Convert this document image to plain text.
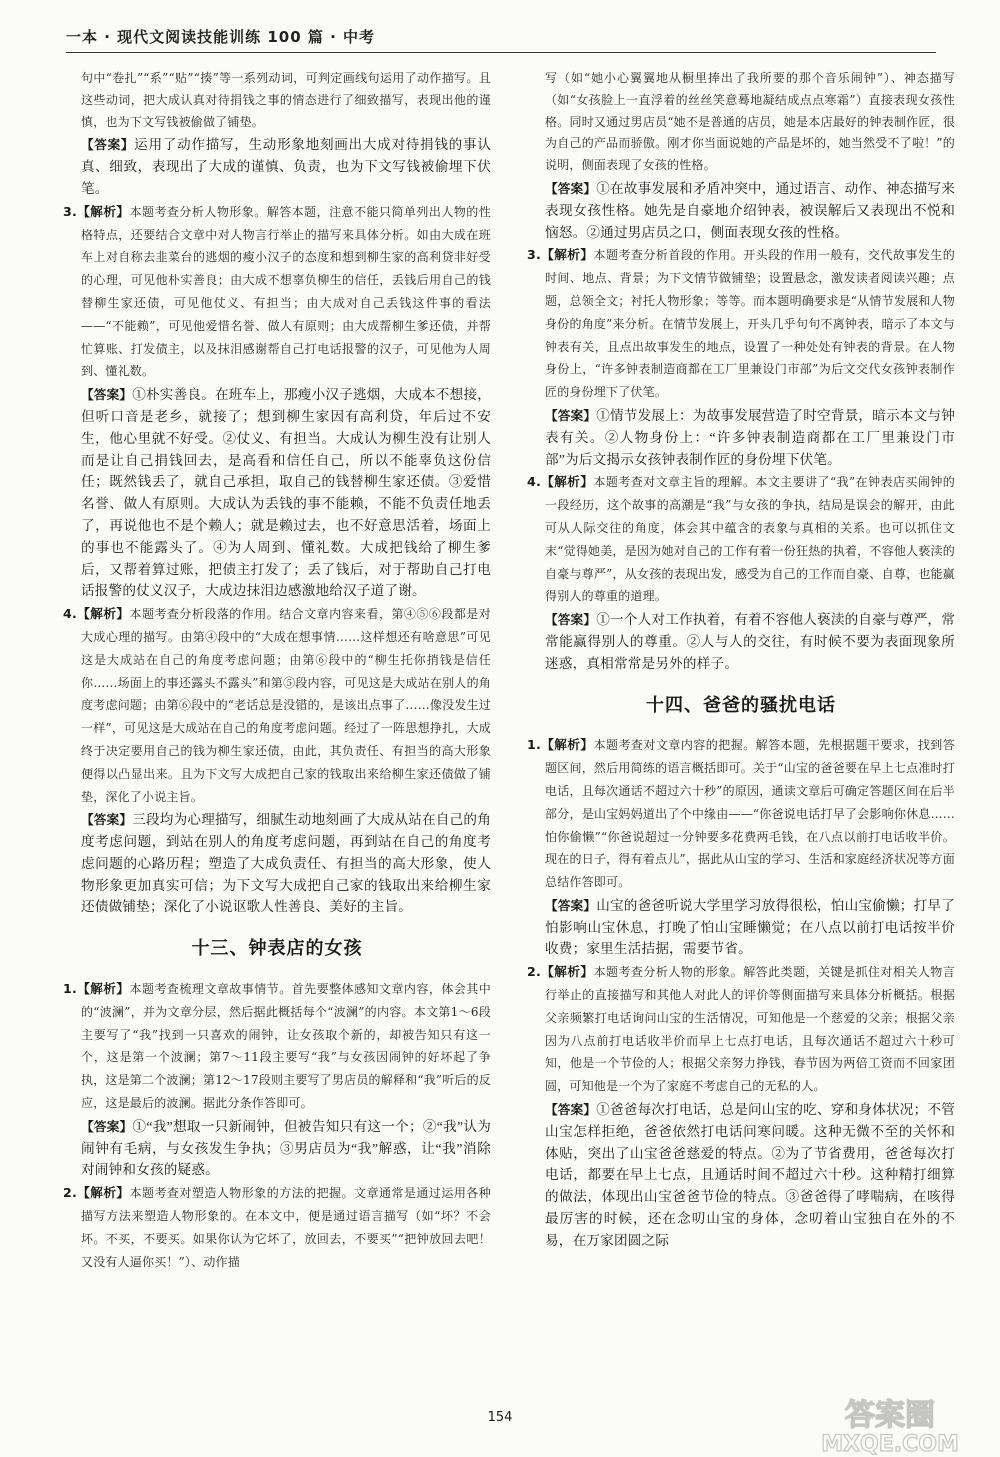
一本 · 现代文阅读技能训练 100 篇 · 中考
句中“卷扎”“系”“贴”“揍”等一系列动词，可判定画线句运用了动作描写。且这些动词，把大成认真对待捐钱之事的情态进行了细致描写，表现出他的谨慎，也为下文写钱被偷做了铺垫。
【答案】运用了动作描写，生动形象地刻画出大成对待捐钱的事认真、细致，表现出了大成的谨慎、负责，也为下文写钱被偷埋下伏笔。
3.【解析】本题考查分析人物形象。解答本题，注意不能只简单列出人物的性格特点，还要结合文章中对人物言行举止的描写来具体分析。如由大成在班车上对自称去韭菜台的逃烟的瘦小汉子的态度和想到柳生家的高利贷非好受的心理，可见他朴实善良；由大成不想辜负柳生的信任，丢钱后用自己的钱替柳生家还债，可见他仗义、有担当；由大成对自己丢钱这件事的看法——“不能赖”，可见他爱惜名誉、做人有原则；由大成帮柳生爹还债，并帮忙算账、打发债主，以及抹泪感谢帮自己打电话报警的汉子，可见他为人周到、懂礼数。
【答案】①朴实善良。在班车上，那瘦小汉子逃烟，大成本不想接，但听口音是老乡，就接了；想到柳生家因有高利贷，年后过不安生，他心里就不好受。②仗义、有担当。大成认为柳生没有让别人而是让自己捐钱回去，是高看和信任自己，所以不能辜负这份信任；既然钱丢了，就自己承担，取自己的钱替柳生家还债。③爱惜名誉、做人有原则。大成认为丢钱的事不能赖，不能不负责任地丢了，再说他也不是个赖人；就是赖过去，也不好意思活着，场面上的事也不能露头了。④为人周到、懂礼数。大成把钱给了柳生爹后，又帮着算过账，把债主打发了；丢了钱后，对于帮助自己打电话报警的仗义汉子，大成边抹泪边感激地给汉子道了谢。
4.【解析】本题考查分析段落的作用。结合文章内容来看，第④⑤⑥段都是对大成心理的描写。由第④段中的“大成在想事情……这样想还有啥意思”可见这是大成站在自己的角度考虑问题；由第⑥段中的“柳生托你捎钱是信任你……场面上的事还露头不露头”和第⑤段内容，可见这是大成站在别人的角度考虑问题；由第⑥段中的“老话总是没错的，是该出点事了……像没发生过一样”，可见这是大成站在自己的角度考虑问题。经过了一阵思想挣扎，大成终于决定要用自己的钱为柳生家还债，由此，其负责任、有担当的高大形象便得以凸显出来。且为下文写大成把自己家的钱取出来给柳生家还债做了铺垫，深化了小说主旨。
【答案】三段均为心理描写，细腻生动地刻画了大成从站在自己的角度考虑问题，到站在别人的角度考虑问题，再到站在自己的角度考虑问题的心路历程；塑造了大成负责任、有担当的高大形象，使人物形象更加真实可信；为下文写大成把自己家的钱取出来给柳生家还债做铺垫；深化了小说讴歌人性善良、美好的主旨。
十三、钟表店的女孩
1.【解析】本题考查梳理文章故事情节。首先要整体感知文章内容，体会其中的“波澜”，并为文章分层，然后据此概括每个“波澜”的内容。本文第1～6段主要写了“我”找到一只喜欢的闹钟，让女孩取个新的，却被告知只有这一个，这是第一个波澜；第7～11段主要写“我”与女孩因闹钟的好坏起了争执，这是第二个波澜；第12～17段则主要写了男店员的解释和“我”听后的反应，这是最后的波澜。据此分条作答即可。
【答案】①“我”想取一只新闹钟，但被告知只有这一个；②“我”认为闹钟有毛病，与女孩发生争执；③男店员为“我”解惑，让“我”消除对闹钟和女孩的疑惑。
2.【解析】本题考查对塑造人物形象的方法的把握。文章通常是通过运用各种描写方法来塑造人物形象的。在本文中，便是通过语言描写（如“坏？不会坏。不买，不要买。如果你认为它坏了，放回去，不要买”“把钟放回去吧！又没有人逼你买！”）、动作描
写（如“她小心翼翼地从橱里捧出了我所要的那个音乐闹钟”）、神态描写（如“女孩脸上一直浮着的丝丝笑意蓦地凝结成点点寒霜”）直接表现女孩性格。同时又通过男店员“她不是普通的店员，她是本店最好的钟表制作匠，很为自己的产品而骄傲。刚才你当面说她的产品是坏的，她当然受不了啦！”的说明，侧面表现了女孩的性格。
【答案】①在故事发展和矛盾冲突中，通过语言、动作、神态描写来表现女孩性格。她先是自豪地介绍钟表，被误解后又表现出不悦和恼怒。②通过男店员之口，侧面表现女孩的性格。
3.【解析】本题考查分析首段的作用。开头段的作用一般有，交代故事发生的时间、地点、背景；为下文情节做铺垫；设置悬念，激发读者阅读兴趣；点题，总领全文；衬托人物形象；等等。而本题明确要求是“从情节发展和人物身份的角度”来分析。在情节发展上，开头几乎句句不离钟表，暗示了本文与钟表有关，且点出故事发生的地点，设置了一种处处有钟表的背景。在人物身份上，“许多钟表制造商都在工厂里兼设门市部”为后文交代女孩钟表制作匠的身份埋下了伏笔。
【答案】①情节发展上：为故事发展营造了时空背景，暗示本文与钟表有关。②人物身份上：“许多钟表制造商都在工厂里兼设门市部”为后文揭示女孩钟表制作匠的身份埋下伏笔。
4.【解析】本题考查对文章主旨的理解。本文主要讲了“我”在钟表店买闹钟的一段经历，这个故事的高潮是“我”与女孩的争执，结局是误会的解开，由此可从人际交往的角度，体会其中蕴含的表象与真相的关系。也可以抓住文末“觉得她美，是因为她对自己的工作有着一份狂热的执着，不容他人亵渎的自豪与尊严”，从女孩的表现出发，感受为自己的工作而自豪、自尊，也能赢得别人的尊重的道理。
【答案】①一个人对工作执着，有着不容他人亵渎的自豪与尊严，常常能赢得别人的尊重。②人与人的交往，有时候不要为表面现象所迷惑，真相常常是另外的样子。
十四、爸爸的骚扰电话
1.【解析】本题考查对文章内容的把握。解答本题，先根据题干要求，找到答题区间，然后用简练的语言概括即可。关于“山宝的爸爸要在早上七点准时打电话，且每次通话不超过六十秒”的原因，通读文章后可确定答题区间在后半部分，是山宝妈妈道出了个中缘由——“你爸说电话打早了会影响你休息……怕你偷懒”“你爸说超过一分钟要多花费两毛钱，在八点以前打电话收半价。现在的日子，得有着点儿”，据此从山宝的学习、生活和家庭经济状况等方面总结作答即可。
【答案】山宝的爸爸听说大学里学习放得很松，怕山宝偷懒；打早了怕影响山宝休息，打晚了怕山宝睡懒觉；在八点以前打电话按半价收费；家里生活拮据，需要节省。
2.【解析】本题考查分析人物的形象。解答此类题，关键是抓住对相关人物言行举止的直接描写和其他人对此人的评价等侧面描写来具体分析概括。根据父亲频繁打电话询问山宝的生活情况，可知他是一个慈爱的父亲；根据父亲因为八点前打电话收半价而早上七点打电话，且每次通话不超过六十秒可知，他是一个节俭的人；根据父亲努力挣钱，春节因为两倍工资而不回家团圆，可知他是一个为了家庭不考虑自己的无私的人。
【答案】①爸爸每次打电话，总是问山宝的吃、穿和身体状况；不管山宝怎样拒绝，爸爸依然打电话问寒问暖。这种无微不至的关怀和体贴，突出了山宝爸爸慈爱的特点。②为了节省费用，爸爸每次打电话，都要在早上七点，且通话时间不超过六十秒。这种精打细算的做法，体现出山宝爸爸节俭的特点。③爸爸得了哮喘病，在咳得最厉害的时候，还在念叨山宝的身体，念叨着山宝独自在外的不易，在万家团圆之际
154	答案圈
MXQE.COM
